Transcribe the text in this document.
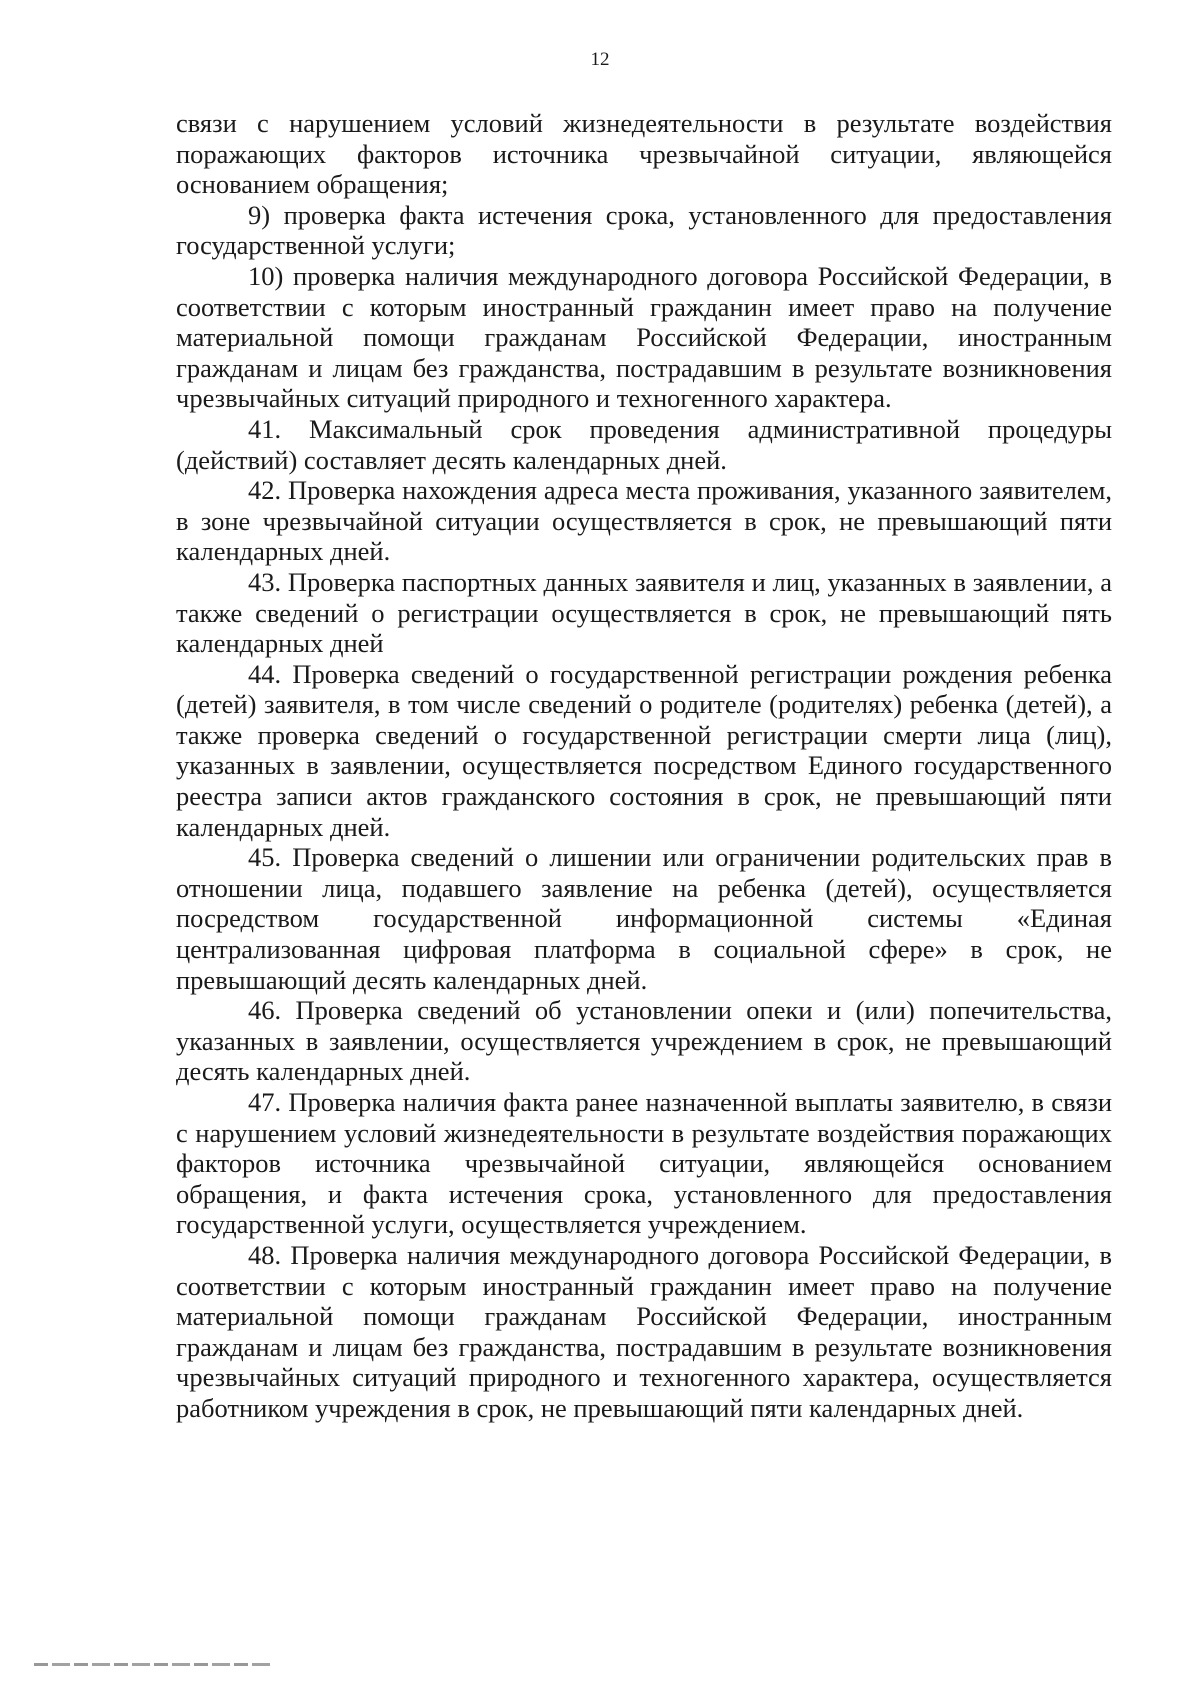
12

связи с нарушением условий жизнедеятельности в результате воздействия поражающих факторов источника чрезвычайной ситуации, являющейся основанием обращения;

9) проверка факта истечения срока, установленного для предоставления государственной услуги;

10) проверка наличия международного договора Российской Федерации, в соответствии с которым иностранный гражданин имеет право на получение материальной помощи гражданам Российской Федерации, иностранным гражданам и лицам без гражданства, пострадавшим в результате возникновения чрезвычайных ситуаций природного и техногенного характера.

41. Максимальный срок проведения административной процедуры (действий) составляет десять календарных дней.

42. Проверка нахождения адреса места проживания, указанного заявителем, в зоне чрезвычайной ситуации осуществляется в срок, не превышающий пяти календарных дней.

43. Проверка паспортных данных заявителя и лиц, указанных в заявлении, а также сведений о регистрации осуществляется в срок, не превышающий пять календарных дней

44. Проверка сведений о государственной регистрации рождения ребенка (детей) заявителя, в том числе сведений о родителе (родителях) ребенка (детей), а также проверка сведений о государственной регистрации смерти лица (лиц), указанных в заявлении, осуществляется посредством Единого государственного реестра записи актов гражданского состояния в срок, не превышающий пяти календарных дней.

45. Проверка сведений о лишении или ограничении родительских прав в отношении лица, подавшего заявление на ребенка (детей), осуществляется посредством государственной информационной системы «Единая централизованная цифровая платформа в социальной сфере» в срок, не превышающий десять календарных дней.

46. Проверка сведений об установлении опеки и (или) попечительства, указанных в заявлении, осуществляется учреждением в срок, не превышающий десять календарных дней.

47. Проверка наличия факта ранее назначенной выплаты заявителю, в связи с нарушением условий жизнедеятельности в результате воздействия поражающих факторов источника чрезвычайной ситуации, являющейся основанием обращения, и факта истечения срока, установленного для предоставления государственной услуги, осуществляется учреждением.

48. Проверка наличия международного договора Российской Федерации, в соответствии с которым иностранный гражданин имеет право на получение материальной помощи гражданам Российской Федерации, иностранным гражданам и лицам без гражданства, пострадавшим в результате возникновения чрезвычайных ситуаций природного и техногенного характера, осуществляется работником учреждения в срок, не превышающий пяти календарных дней.
